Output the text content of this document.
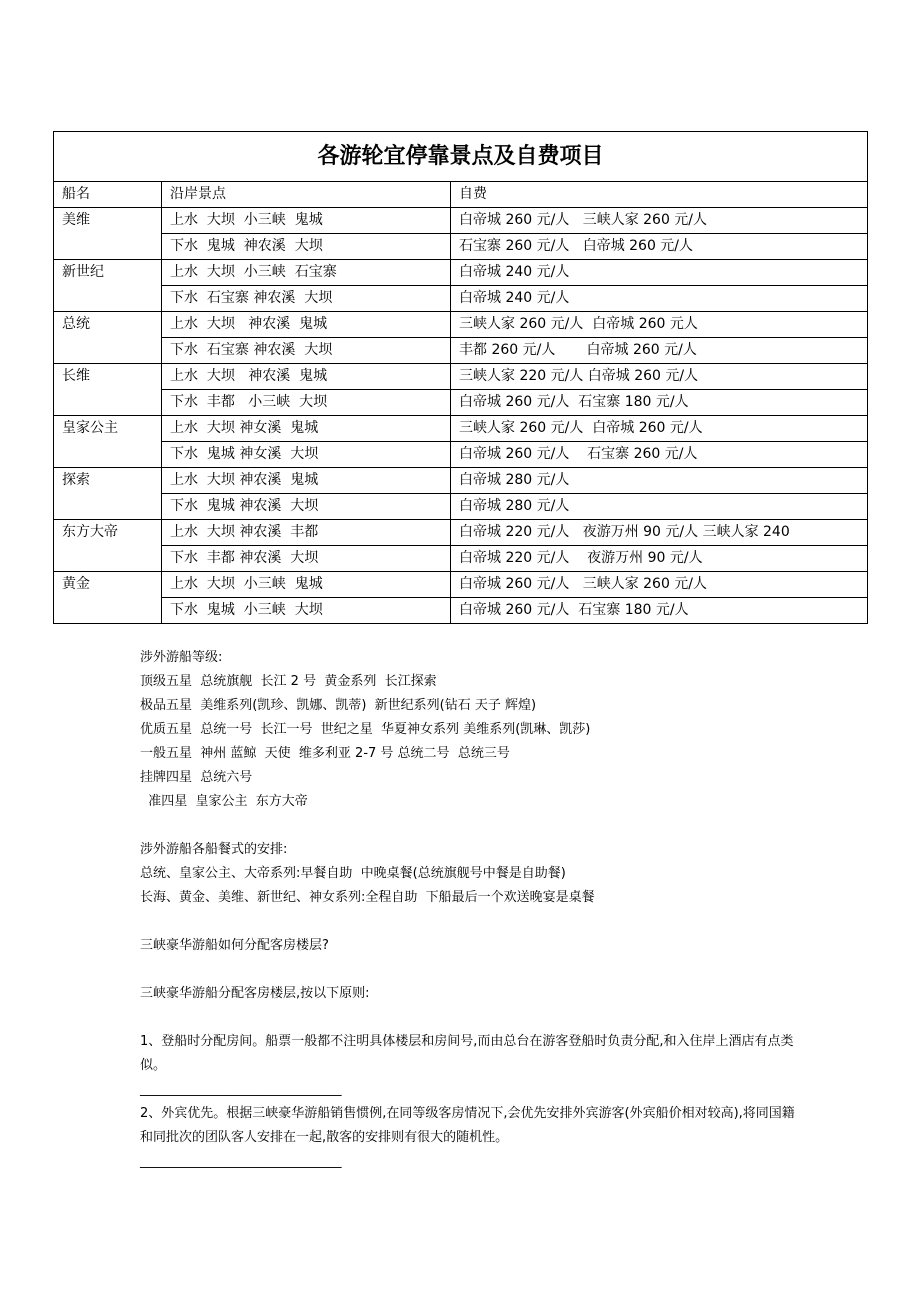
各游轮宜停靠景点及自费项目		
船名	沿岸景点	自费
美维	上水  大坝  小三峡  鬼城	白帝城 260 元/人   三峡人家 260 元/人
	下水  鬼城  神农溪  大坝	石宝寨 260 元/人   白帝城 260 元/人
新世纪	上水  大坝  小三峡  石宝寨	白帝城 240 元/人
	下水  石宝寨 神农溪  大坝	白帝城 240 元/人
总统	上水  大坝   神农溪  鬼城	三峡人家 260 元/人  白帝城 260 元人
	下水  石宝寨 神农溪  大坝	丰都 260 元/人       白帝城 260 元/人
长维	上水  大坝   神农溪  鬼城	三峡人家 220 元/人 白帝城 260 元/人
	下水  丰都   小三峡  大坝	白帝城 260 元/人  石宝寨 180 元/人
皇家公主	上水  大坝 神女溪  鬼城	三峡人家 260 元/人  白帝城 260 元/人
	下水  鬼城 神女溪  大坝	白帝城 260 元/人    石宝寨 260 元/人
探索	上水  大坝 神农溪  鬼城	白帝城 280 元/人
	下水  鬼城 神农溪  大坝	白帝城 280 元/人
东方大帝	上水  大坝 神农溪  丰都	白帝城 220 元/人   夜游万州 90 元/人 三峡人家 240
	下水  丰都 神农溪  大坝	白帝城 220 元/人    夜游万州 90 元/人
黄金	上水  大坝  小三峡  鬼城	白帝城 260 元/人   三峡人家 260 元/人
	下水  鬼城  小三峡  大坝	白帝城 260 元/人  石宝寨 180 元/人
涉外游船等级:
顶级五星  总统旗舰  长江 2 号  黄金系列  长江探索
极品五星  美维系列(凯珍、凯娜、凯蒂)  新世纪系列(钻石 天子 辉煌)
优质五星  总统一号  长江一号  世纪之星  华夏神女系列 美维系列(凯琳、凯莎)
一般五星  神州 蓝鲸  天使  维多利亚 2-7 号 总统二号  总统三号
挂牌四星  总统六号
准四星  皇家公主  东方大帝
涉外游船各船餐式的安排:
总统、皇家公主、大帝系列:早餐自助  中晚桌餐(总统旗舰号中餐是自助餐)
长海、黄金、美维、新世纪、神女系列:全程自助  下船最后一个欢送晚宴是桌餐
三峡豪华游船如何分配客房楼层?
三峡豪华游船分配客房楼层,按以下原则:
1、登船时分配房间。船票一般都不注明具体楼层和房间号,而由总台在游客登船时负责分配,和入住岸上酒店有点类似。
_______________________________
2、外宾优先。根据三峡豪华游船销售惯例,在同等级客房情况下,会优先安排外宾游客(外宾船价相对较高),将同国籍和同批次的团队客人安排在一起,散客的安排则有很大的随机性。
_______________________________
